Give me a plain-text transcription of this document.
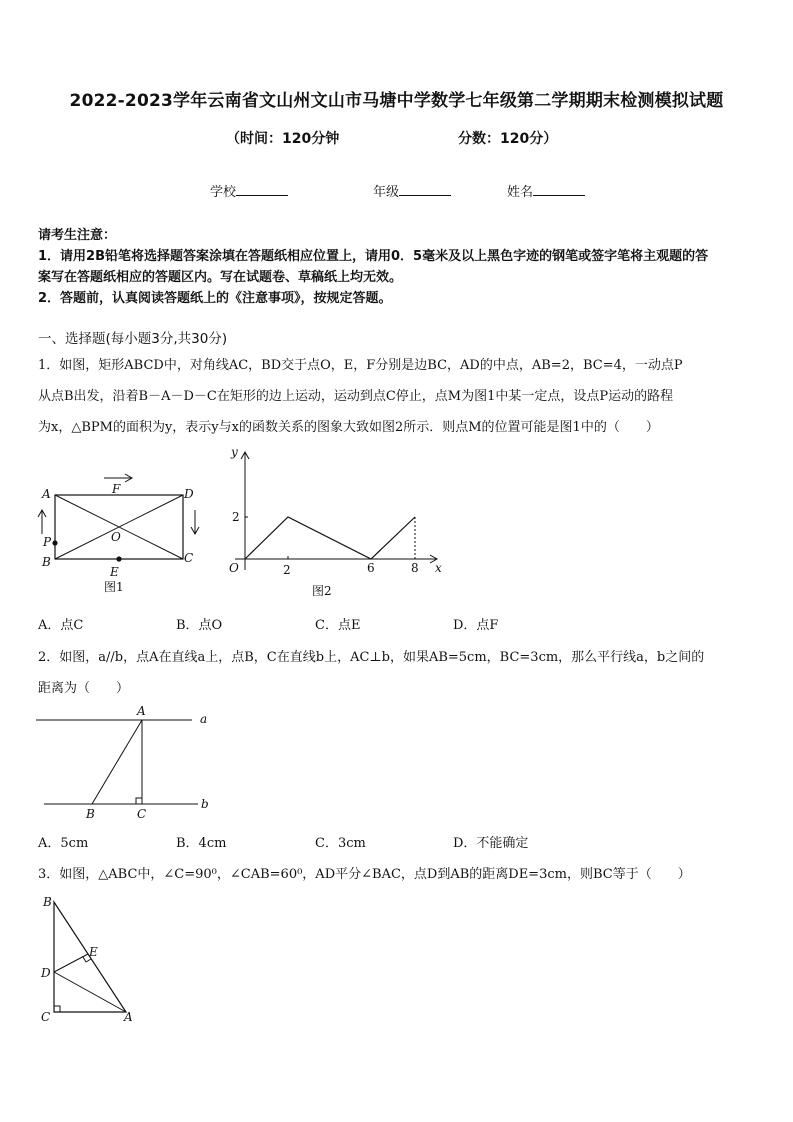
2022-2023学年云南省文山州文山市马塘中学数学七年级第二学期期末检测模拟试题
（时间：120分钟	分数：120分）
学校	年级	姓名
请考生注意：
1．请用2B铅笔将选择题答案涂填在答题纸相应位置上，请用0．5毫米及以上黑色字迹的钢笔或签字笔将主观题的答
案写在答题纸相应的答题区内。写在试题卷、草稿纸上均无效。
2．答题前，认真阅读答题纸上的《注意事项》，按规定答题。
一、选择题(每小题3分,共30分)
1．如图，矩形ABCD中，对角线AC，BD交于点O，E，F分别是边BC，AD的中点，AB=2，BC=4，一动点P
从点B出发，沿着B－A－D－C在矩形的边上运动，运动到点C停止，点M为图1中某一定点，设点P运动的路程
为x，△BPM的面积为y，表示y与x的函数关系的图象大致如图2所示．则点M的位置可能是图1中的（　　）
A	D
F
O
P
B	C
E
图1
y
x
O
2
2	6	8
图2
A．点C	B．点O	C．点E	D．点F
2．如图，a//b，点A在直线a上，点B，C在直线b上，AC⊥b，如果AB=5cm，BC=3cm，那么平行线a，b之间的
距离为（　　）
A
a
B	C
b
A．5cm	B．4cm	C．3cm	D．不能确定
3．如图，△ABC中，∠C=90⁰，∠CAB=60⁰，AD平分∠BAC，点D到AB的距离DE=3cm，则BC等于（　　）
B
E
D
C	A
